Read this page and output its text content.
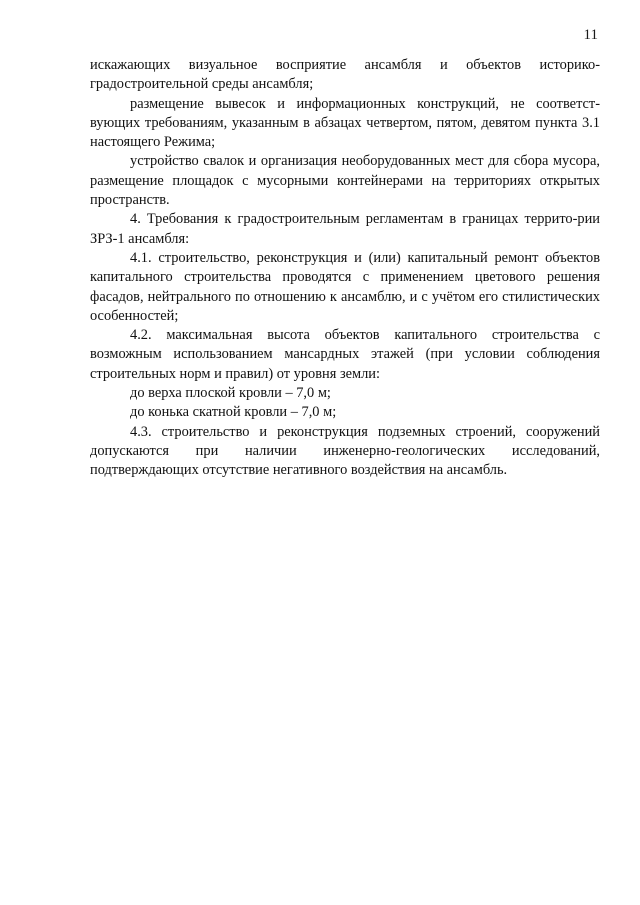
11

искажающих визуальное восприятие ансамбля и объектов историко-градостроительной среды ансамбля;

размещение вывесок и информационных конструкций, не соответст-вующих требованиям, указанным в абзацах четвертом, пятом, девятом пункта 3.1 настоящего Режима;

устройство свалок и организация необорудованных мест для сбора мусора, размещение площадок с мусорными контейнерами на территориях открытых пространств.

4. Требования к градостроительным регламентам в границах террито-рии ЗРЗ-1 ансамбля:

4.1. строительство, реконструкция и (или) капитальный ремонт объектов капитального строительства проводятся с применением цветового решения фасадов, нейтрального по отношению к ансамблю, и с учётом его стилистических особенностей;

4.2. максимальная высота объектов капитального строительства с возможным использованием мансардных этажей (при условии соблюдения строительных норм и правил) от уровня земли:

до верха плоской кровли – 7,0 м;

до конька скатной кровли – 7,0 м;

4.3. строительство и реконструкция подземных строений, сооружений допускаются при наличии инженерно-геологических исследований, подтверждающих отсутствие негативного воздействия на ансамбль.
